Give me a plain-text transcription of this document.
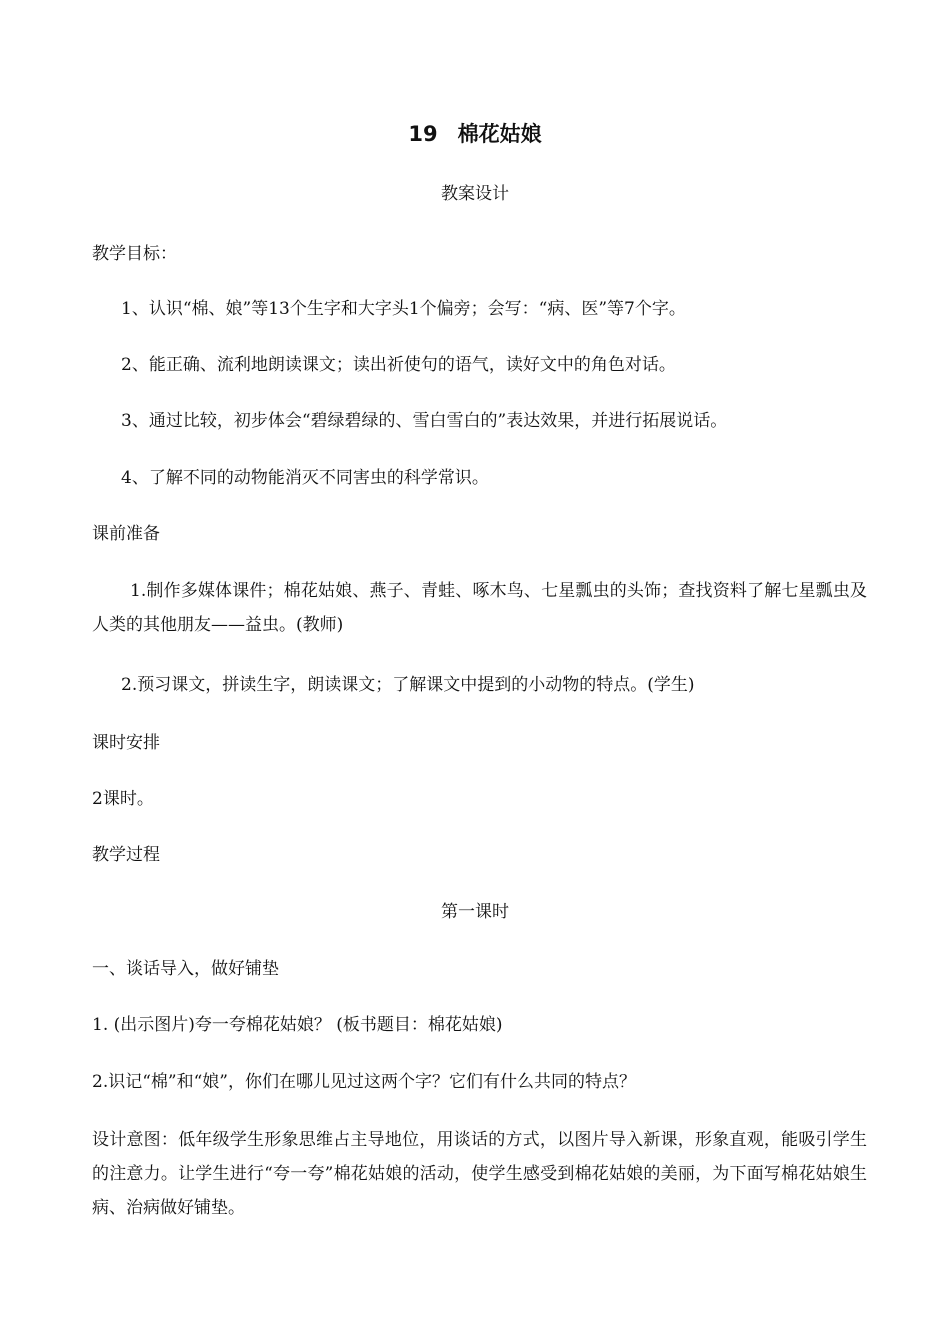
19 棉花姑娘
教案设计
教学目标：
1、认识“棉、娘”等13个生字和大字头1个偏旁；会写：“病、医”等7个字。
2、能正确、流利地朗读课文；读出祈使句的语气，读好文中的角色对话。
3、通过比较，初步体会“碧绿碧绿的、雪白雪白的”表达效果，并进行拓展说话。
4、了解不同的动物能消灭不同害虫的科学常识。
课前准备
1.制作多媒体课件；棉花姑娘、燕子、青蛙、啄木鸟、七星瓢虫的头饰；查找资料了解七星瓢虫及人类的其他朋友——益虫。(教师)
2.预习课文，拼读生字，朗读课文；了解课文中提到的小动物的特点。(学生)
课时安排
2课时。
教学过程
第一课时
一、谈话导入，做好铺垫
1. (出示图片)夸一夸棉花姑娘？ (板书题目：棉花姑娘)
2.识记“棉”和“娘”，你们在哪儿见过这两个字？它们有什么共同的特点？
设计意图：低年级学生形象思维占主导地位，用谈话的方式，以图片导入新课，形象直观，能吸引学生的注意力。让学生进行“夸一夸”棉花姑娘的活动，使学生感受到棉花姑娘的美丽，为下面写棉花姑娘生病、治病做好铺垫。
